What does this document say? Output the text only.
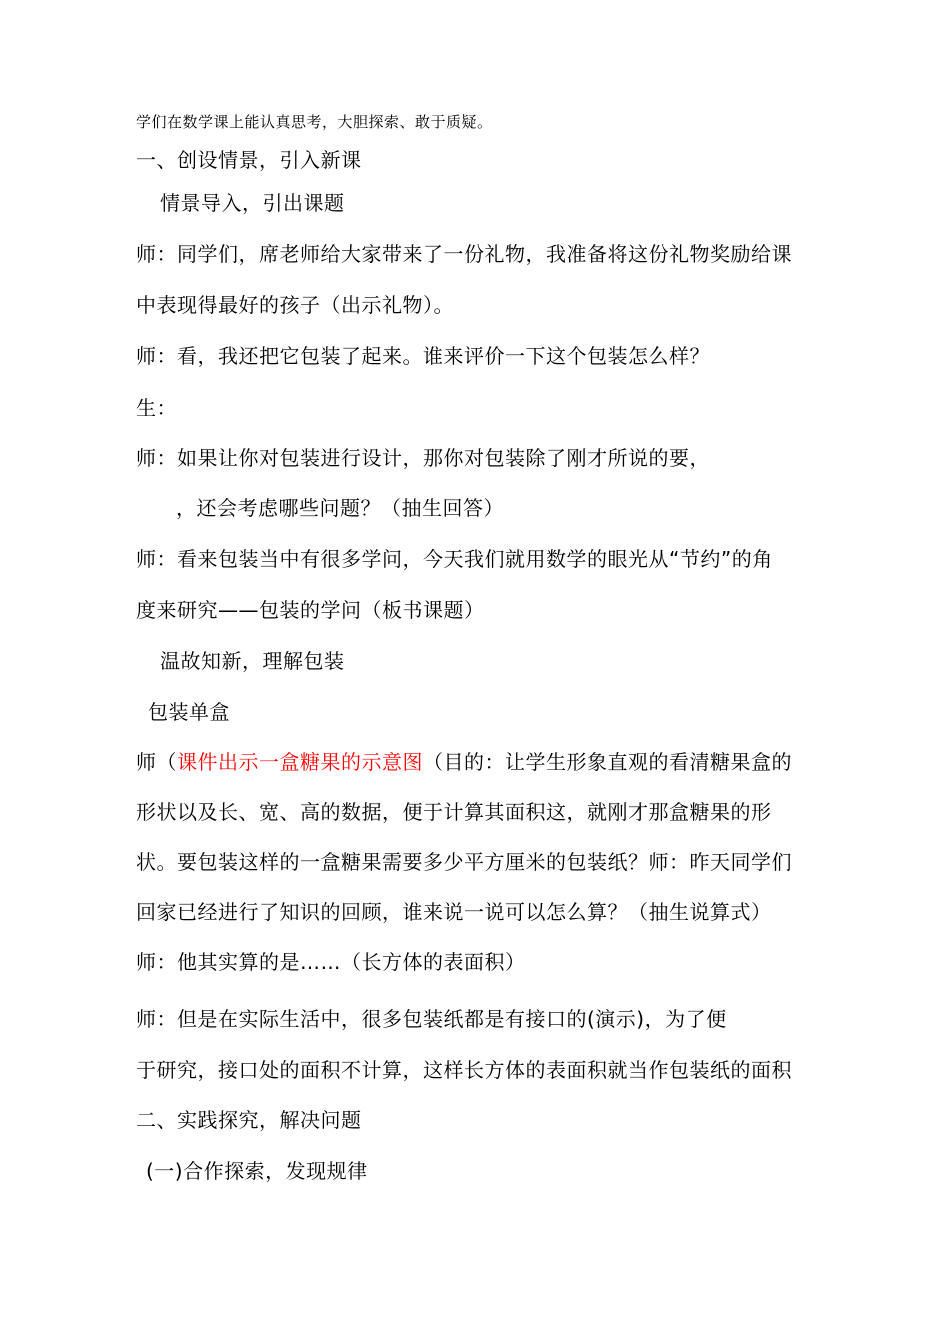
学们在数学课上能认真思考，大胆探索、敢于质疑。
一、创设情景，引入新课
情景导入，引出课题
师：同学们，席老师给大家带来了一份礼物，我准备将这份礼物奖励给课
中表现得最好的孩子（出示礼物）。
师：看，我还把它包装了起来。谁来评价一下这个包装怎么样？
生：
师：如果让你对包装进行设计，那你对包装除了刚才所说的要，
，还会考虑哪些问题？（抽生回答）
师：看来包装当中有很多学问，今天我们就用数学的眼光从“节约”的角
度来研究——包装的学问（板书课题）
温故知新，理解包装
包装单盒
师（课件出示一盒糖果的示意图（目的：让学生形象直观的看清糖果盒的
形状以及长、宽、高的数据，便于计算其面积这，就刚才那盒糖果的形
状。要包装这样的一盒糖果需要多少平方厘米的包装纸？师：昨天同学们
回家已经进行了知识的回顾，谁来说一说可以怎么算？（抽生说算式）
师：他其实算的是……（长方体的表面积）
师：但是在实际生活中，很多包装纸都是有接口的(演示)，为了便
于研究，接口处的面积不计算，这样长方体的表面积就当作包装纸的面积
二、实践探究，解决问题
(一)合作探索，发现规律
